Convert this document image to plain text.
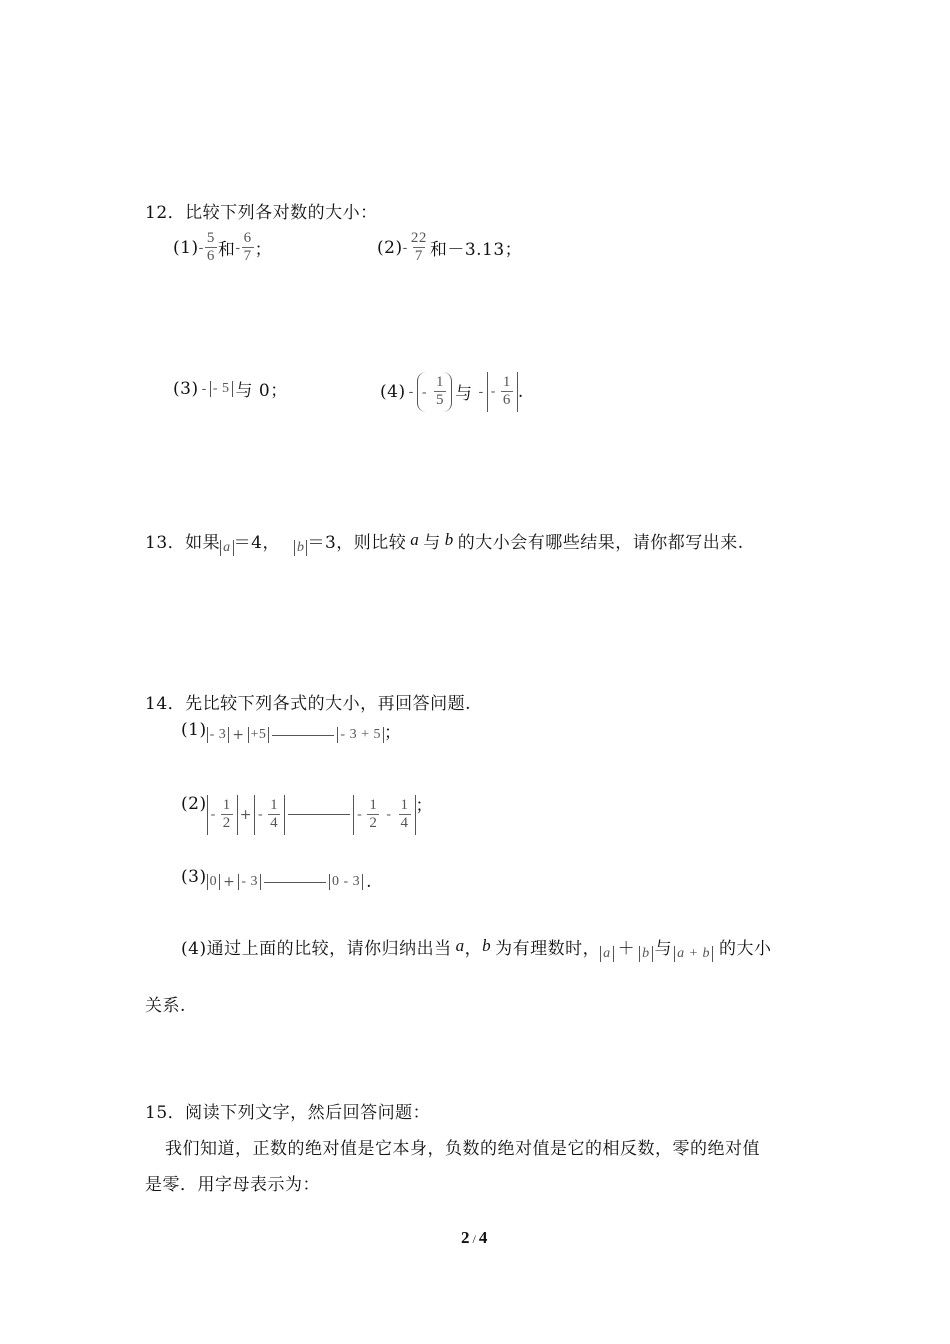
12．比较下列各对数的大小：
$(1) - \frac{5}{6}$ 和 - $\frac{6}{7}$ ；	$(2) - \frac{22}{7}$ 和－3.13；
(3) - - 5 与 0；	(4) - - $\frac{1}{5}$ 与 - - $\frac{1}{6}$ .
13．如果 a ＝4， b ＝3，则比较 a 与 b 的大小会有哪些结果，请你都写出来.
14．先比较下列各式的大小，再回答问题.
(1) - 3 + +5	- 3 + 5 ；
(2)
- $\frac{1}{2}$ + - $\frac{1}{4}$	- $\frac{1}{2} - \frac{1}{4}$ ；
(3) 0 + - 3	0 - 3 .
(4)通过上面的比较，请你归纳出当 a ， b 为有理数时， a ＋ b 与 a + b 的大小
关系.
15．阅读下列文字，然后回答问题：
我们知道，正数的绝对值是它本身，负数的绝对值是它的相反数，零的绝对值
是零．用字母表示为：
2 / 4
